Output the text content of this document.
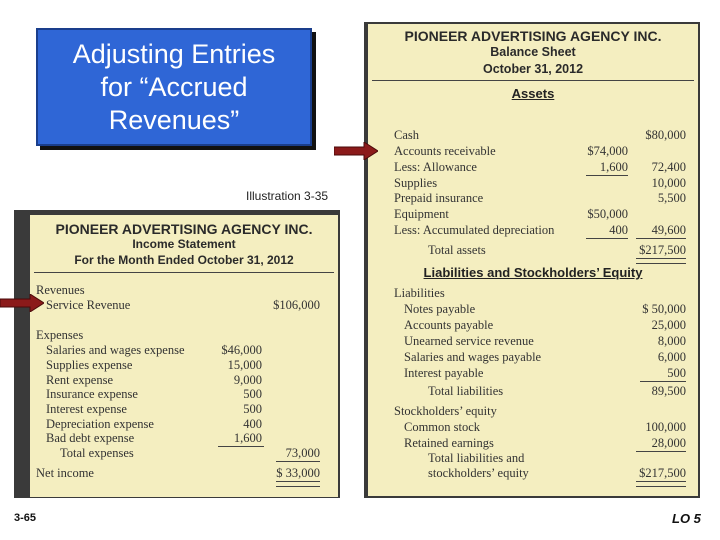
Adjusting Entries
for “Accrued
Revenues”
Illustration 3-35
PIONEER ADVERTISING AGENCY INC.
Income Statement
For the Month Ended October 31, 2012
Revenues
Service Revenue	$106,000
Expenses
Salaries and wages expense	$46,000
Supplies expense	15,000
Rent expense	9,000
Insurance expense	500
Interest expense	500
Depreciation expense	400
Bad debt expense	1,600
Total expenses	73,000
Net income	$ 33,000
PIONEER ADVERTISING AGENCY INC.
Balance Sheet
October 31, 2012
Assets
Cash	$80,000
Accounts receivable	$74,000
Less: Allowance	1,600 72,400
Supplies	10,000
Prepaid insurance	5,500
Equipment	$50,000
Less: Accumulated depreciation	400 49,600
Total assets	$217,500
Liabilities and Stockholders’ Equity
Liabilities
Notes payable	$ 50,000
Accounts payable	25,000
Unearned service revenue	8,000
Salaries and wages payable	6,000
Interest payable	500
Total liabilities	89,500
Stockholders’ equity
Common stock	100,000
Retained earnings	28,000
Total liabilities and
stockholders’ equity	$217,500
3-65	LO 5
